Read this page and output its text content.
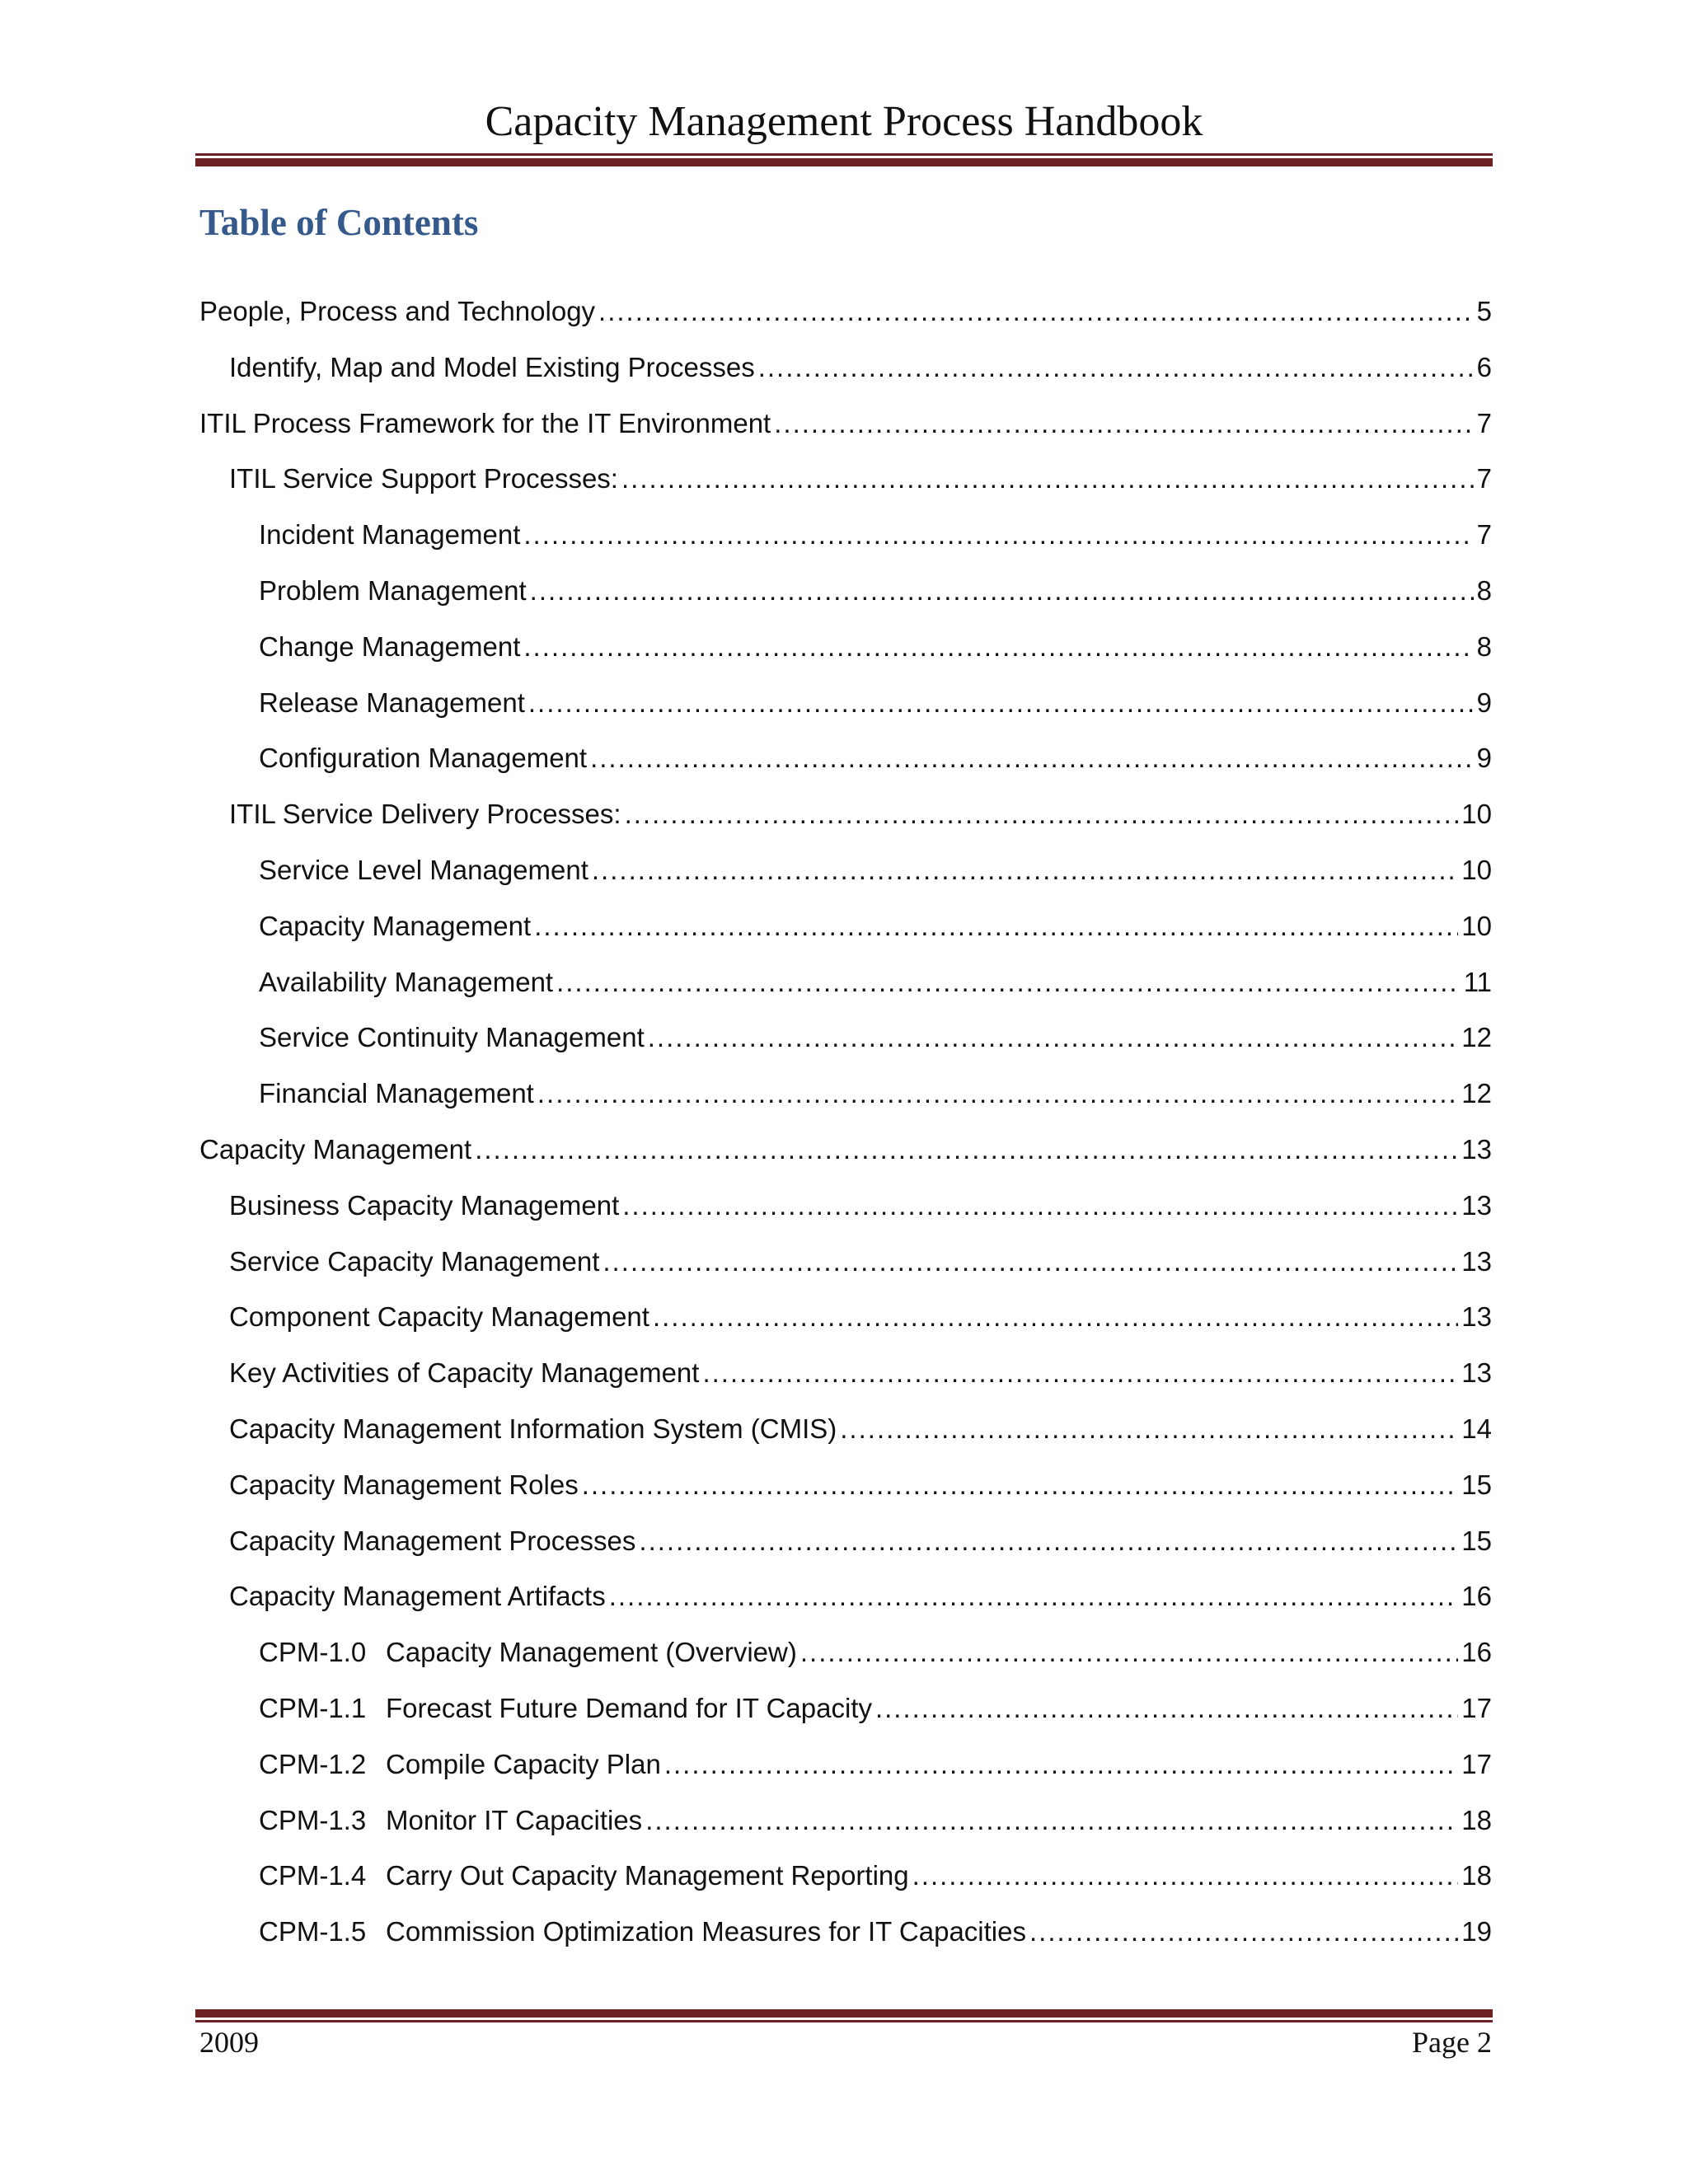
Capacity Management Process Handbook
Table of Contents
People, Process and Technology .....	5
Identify, Map and Model Existing Processes .....	6
ITIL Process Framework for the IT Environment .....	7
ITIL Service Support Processes: .....	7
Incident Management .....	7
Problem Management .....	8
Change Management .....	8
Release Management .....	9
Configuration Management .....	9
ITIL Service Delivery Processes: .....	10
Service Level Management .....	10
Capacity Management .....	10
Availability Management .....	11
Service Continuity Management .....	12
Financial Management .....	12
Capacity Management .....	13
Business Capacity Management .....	13
Service Capacity Management .....	13
Component Capacity Management .....	13
Key Activities of Capacity Management .....	13
Capacity Management Information System (CMIS) .....	14
Capacity Management Roles .....	15
Capacity Management Processes .....	15
Capacity Management Artifacts .....	16
CPM-1.0 Capacity Management (Overview) .....	16
CPM-1.1 Forecast Future Demand for IT Capacity .....	17
CPM-1.2 Compile Capacity Plan .....	17
CPM-1.3 Monitor IT Capacities .....	18
CPM-1.4 Carry Out Capacity Management Reporting .....	18
CPM-1.5 Commission Optimization Measures for IT Capacities .....	19
2009	Page 2
